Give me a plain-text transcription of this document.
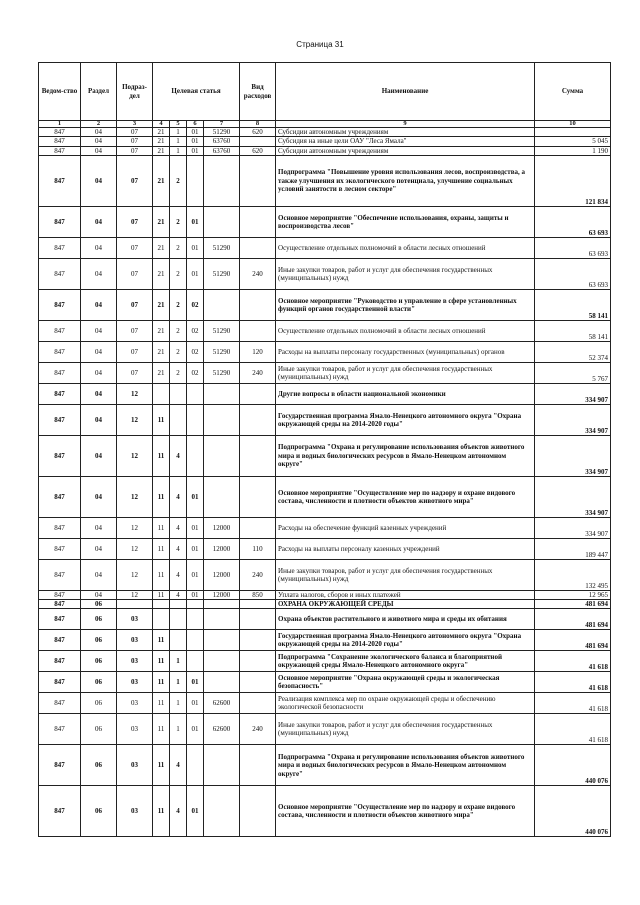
Страница 31
Ведом-ство	Раздел	Подраз-дел	Целевая статья				Вид расходов	Наименование	Сумма
1	2	3	4	5	6	7	8	9	10
847	04	07	21	1	01	51290	620	Субсидии автономным учреждениям	
847	04	07	21	1	01	63760		Субсидия на иные цели ОАУ "Леса Ямала"	5 045
847	04	07	21	1	01	63760	620	Субсидии автономным учреждениям	1 190
847	04	07	21	2				Подпрограмма "Повышение уровня использования лесов, воспроизводства, а также улучшения их экологического потенциала, улучшение социальных условий занятости в лесном секторе"	121 834
847	04	07	21	2	01			Основное мероприятие "Обеспечение использования, охраны, защиты и воспроизводства лесов"	63 693
847	04	07	21	2	01	51290		Осуществление отдельных полномочий в области лесных отношений	63 693
847	04	07	21	2	01	51290	240	Иные закупки товаров, работ и услуг для обеспечения государственных (муниципальных) нужд	63 693
847	04	07	21	2	02			Основное мероприятие "Руководство и управление в сфере установленных функций органов государственной власти"	58 141
847	04	07	21	2	02	51290		Осуществление отдельных полномочий в области лесных отношений	58 141
847	04	07	21	2	02	51290	120	Расходы на выплаты персоналу государственных (муниципальных) органов	52 374
847	04	07	21	2	02	51290	240	Иные закупки товаров, работ и услуг для обеспечения государственных (муниципальных) нужд	5 767
847	04	12						Другие вопросы в области национальной экономики	334 907
847	04	12	11					Государственная программа Ямало-Ненецкого автономного округа "Охрана окружающей среды на 2014-2020 годы"	334 907
847	04	12	11	4				Подпрограмма "Охрана и регулирование использования объектов животного мира и водных биологических ресурсов в Ямало-Ненецком автономном округе"	334 907
847	04	12	11	4	01			Основное мероприятие "Осуществление мер по надзору и охране видового состава, численности и плотности объектов животного мира"	334 907
847	04	12	11	4	01	12000		Расходы на обеспечение функций казенных учреждений	334 907
847	04	12	11	4	01	12000	110	Расходы на выплаты персоналу казенных учреждений	189 447
847	04	12	11	4	01	12000	240	Иные закупки товаров, работ и услуг для обеспечения государственных (муниципальных) нужд	132 495
847	04	12	11	4	01	12000	850	Уплата налогов, сборов и иных платежей	12 965
847	06							ОХРАНА ОКРУЖАЮЩЕЙ СРЕДЫ	481 694
847	06	03						Охрана объектов растительного и животного мира и среды их обитания	481 694
847	06	03	11					Государственная программа Ямало-Ненецкого автономного округа "Охрана окружающей среды на 2014-2020 годы"	481 694
847	06	03	11	1				Подпрограмма "Сохранение экологического баланса и благоприятной окружающей среды Ямало-Ненецкого автономного округа"	41 618
847	06	03	11	1	01			Основное мероприятие "Охрана окружающей среды и экологическая безопасность"	41 618
847	06	03	11	1	01	62600		Реализация комплекса мер по охране окружающей среды и обеспечению экологической безопасности	41 618
847	06	03	11	1	01	62600	240	Иные закупки товаров, работ и услуг для обеспечения государственных (муниципальных) нужд	41 618
847	06	03	11	4				Подпрограмма "Охрана и регулирование использования объектов животного мира и водных биологических ресурсов в Ямало-Ненецком автономном округе"	440 076
847	06	03	11	4	01			Основное мероприятие "Осуществление мер по надзору и охране видового состава, численности и плотности объектов животного мира"	440 076
